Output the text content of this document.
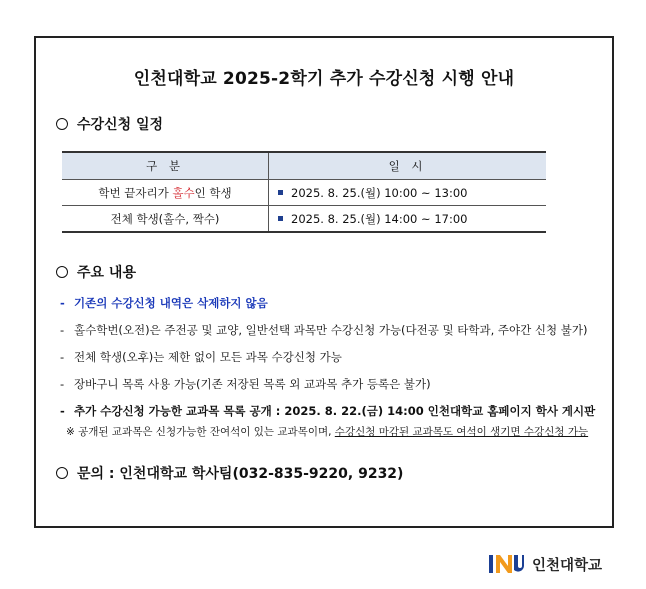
인천대학교 2025-2학기 추가 수강신청 시행 안내
수강신청 일정
구 분	일 시
학번 끝자리가 홀수인 학생	2025. 8. 25.(월) 10:00 ~ 13:00
전체 학생(홀수, 짝수)	2025. 8. 25.(월) 14:00 ~ 17:00
주요 내용
- 기존의 수강신청 내역은 삭제하지 않음
- 홀수학번(오전)은 주전공 및 교양, 일반선택 과목만 수강신청 가능(다전공 및 타학과, 주야간 신청 불가)
- 전체 학생(오후)는 제한 없이 모든 과목 수강신청 가능
- 장바구니 목록 사용 가능(기존 저장된 목록 외 교과목 추가 등록은 불가)
- 추가 수강신청 가능한 교과목 목록 공개 : 2025. 8. 22.(금) 14:00 인천대학교 홈페이지 학사 게시판
※ 공개된 교과목은 신청가능한 잔여석이 있는 교과목이며, 수강신청 마감된 교과목도 여석이 생기면 수강신청 가능
문의 : 인천대학교 학사팀(032-835-9220, 9232)
인천대학교
